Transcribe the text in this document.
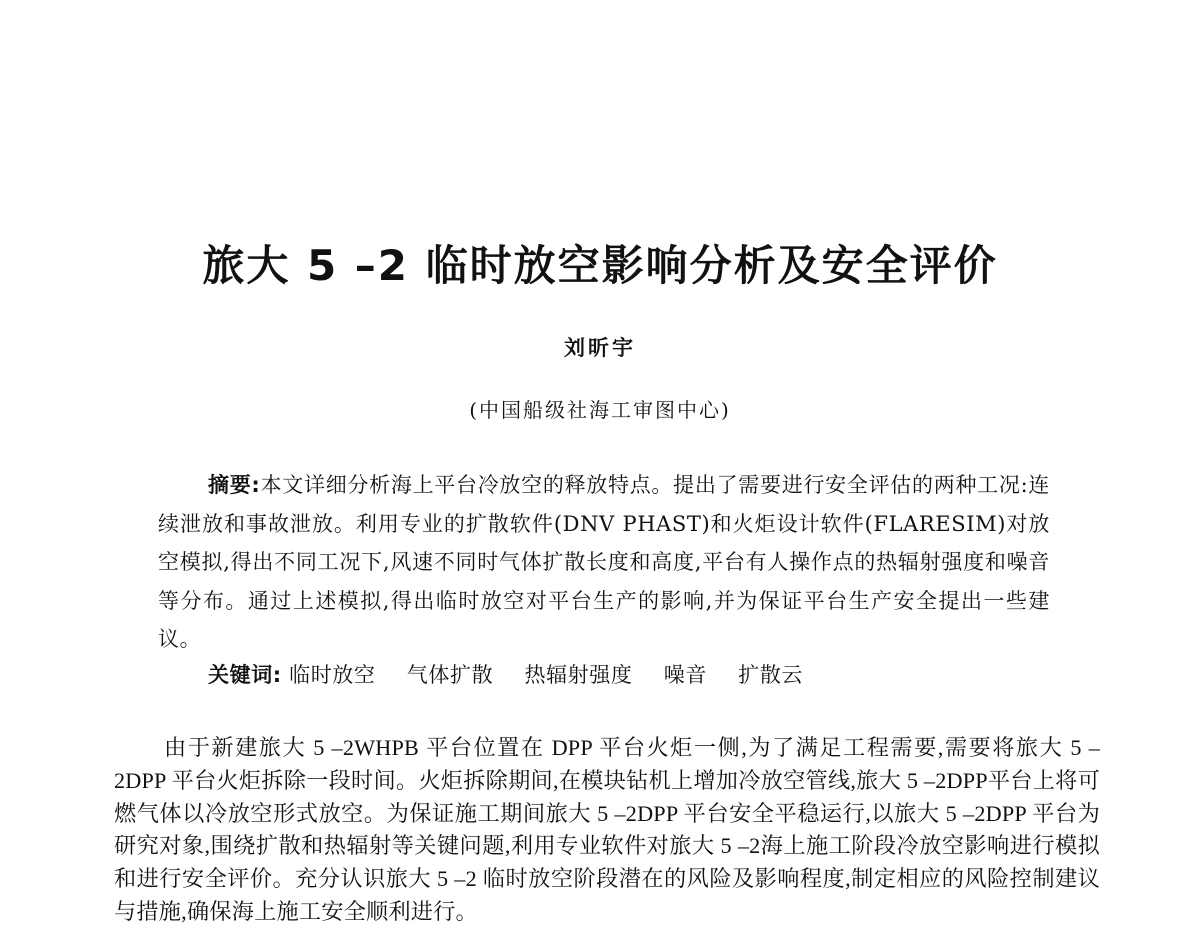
旅大 5 –2 临时放空影响分析及安全评价
刘昕宇
(中国船级社海工审图中心)

摘要:本文详细分析海上平台冷放空的释放特点。提出了需要进行安全评估的两种工况:连续泄放和事故泄放。利用专业的扩散软件(DNV PHAST)和火炬设计软件(FLARESIM)对放空模拟,得出不同工况下,风速不同时气体扩散长度和高度,平台有人操作点的热辐射强度和噪音等分布。通过上述模拟,得出临时放空对平台生产的影响,并为保证平台生产安全提出一些建议。

关键词: 临时放空 气体扩散 热辐射强度 噪音 扩散云

由于新建旅大 5 –2WHPB 平台位置在 DPP 平台火炬一侧,为了满足工程需要,需要将旅大 5 –2DPP 平台火炬拆除一段时间。火炬拆除期间,在模块钻机上增加冷放空管线,旅大 5 –2DPP平台上将可燃气体以冷放空形式放空。为保证施工期间旅大 5 –2DPP 平台安全平稳运行,以旅大 5 –2DPP 平台为研究对象,围绕扩散和热辐射等关键问题,利用专业软件对旅大 5 –2海上施工阶段冷放空影响进行模拟和进行安全评价。充分认识旅大 5 –2 临时放空阶段潜在的风险及影响程度,制定相应的风险控制建议与措施,确保海上施工安全顺利进行。
